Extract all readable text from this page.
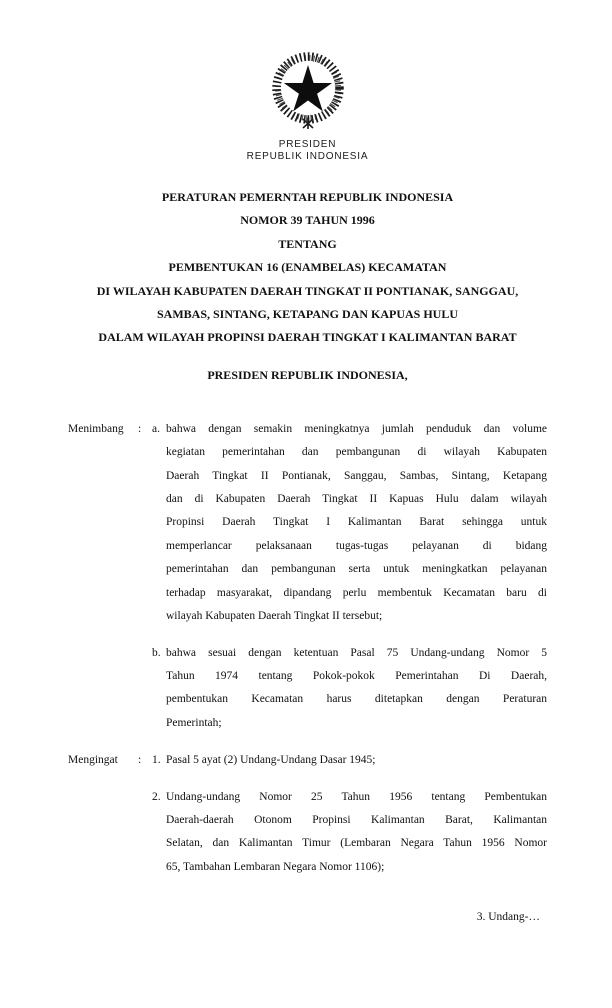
PRESIDEN
REPUBLIK INDONESIA
PERATURAN PEMERNTAH REPUBLIK INDONESIA
NOMOR 39 TAHUN 1996
TENTANG
PEMBENTUKAN 16 (ENAMBELAS) KECAMATAN
DI WILAYAH KABUPATEN DAERAH TINGKAT II PONTIANAK, SANGGAU,
SAMBAS, SINTANG, KETAPANG DAN KAPUAS HULU
DALAM WILAYAH PROPINSI DAERAH TINGKAT I KALIMANTAN BARAT
PRESIDEN REPUBLIK INDONESIA,
Menimbang	: a. bahwa dengan semakin meningkatnya jumlah penduduk dan volume
kegiatan pemerintahan dan pembangunan di wilayah Kabupaten
Daerah Tingkat II Pontianak, Sanggau, Sambas, Sintang, Ketapang
dan di Kabupaten Daerah Tingkat II Kapuas Hulu dalam wilayah
Propinsi Daerah Tingkat I Kalimantan Barat sehingga untuk
memperlancar pelaksanaan tugas-tugas pelayanan di bidang
pemerintahan dan pembangunan serta untuk meningkatkan pelayanan
terhadap masyarakat, dipandang perlu membentuk Kecamatan baru di
wilayah Kabupaten Daerah Tingkat II tersebut;
b. bahwa sesuai dengan ketentuan Pasal 75 Undang-undang Nomor 5
Tahun 1974 tentang Pokok-pokok Pemerintahan Di Daerah,
pembentukan Kecamatan harus ditetapkan dengan Peraturan
Pemerintah;
Mengingat	: 1. Pasal 5 ayat (2) Undang-Undang Dasar 1945;
2. Undang-undang Nomor 25 Tahun 1956 tentang Pembentukan
Daerah-daerah Otonom Propinsi Kalimantan Barat, Kalimantan
Selatan, dan Kalimantan Timur (Lembaran Negara Tahun 1956 Nomor
65, Tambahan Lembaran Negara Nomor 1106);
3. Undang-…
